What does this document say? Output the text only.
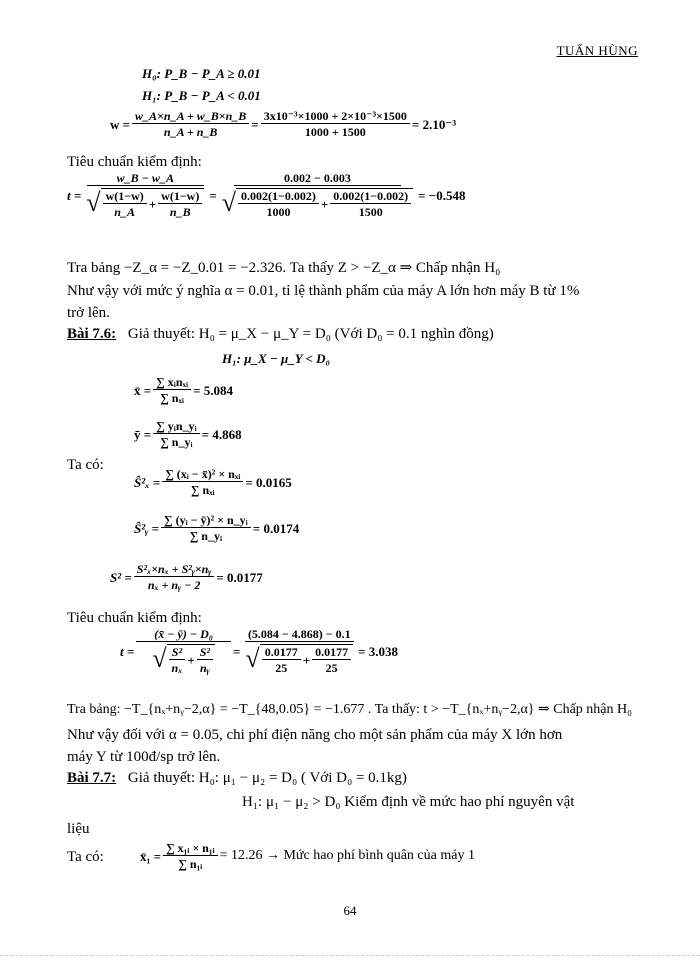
TUẤN HÙNG
H₀: P_B − P_A ≥ 0.01
H₁: P_B − P_A < 0.01
$w = \frac{w\_A\times n\_A + w\_B\times n\_B}{n\_A + n\_B} = \frac{\text{3x10⁻³×1000 + 2×10⁻³×1500}}{1000 + 1500} = 2.10^{-3}$
Tiêu chuẩn kiểm định:
$t = \frac{w\_B - w\_A}{√ \frac{w(1-w)}{n\_A} + \frac{w(1-w)}{n\_B}}$ =
0.002 − 0.003
√ $\frac{0.002(1-0.002)}{1000} + \frac{0.002(1-0.002)}{1500} = -0.548$
Tra bảng −Z_α = −Z_0.01 = −2.326. Ta thấy Z > −Z_α ⇒ Chấp nhận H₀
Như vậy với mức ý nghĩa α = 0.01, tỉ lệ thành phẩm của máy A lớn hơn máy B từ 1%
trở lên.
Bài 7.6: Giả thuyết: H₀ = μ_X − μ_Y = D₀ (Với D₀ = 0.1 nghìn đồng)
H₁: μ_X − μ_Y < D₀
x̄ = $\frac{\text{∑ xᵢnₓᵢ}}{\text{∑ nₓᵢ}} = 5.084$
ȳ = $\frac{\text{∑ yᵢn\_yᵢ}}{\text{∑ n\_yᵢ}} = 4.868$
Ta có:
Ŝ²ₓ = $\frac{\text{∑ (xᵢ − x̄)² × nₓᵢ}}{\text{∑ nₓᵢ}} = 0.0165$
Ŝ²ᵧ = $\frac{\text{∑ (yᵢ − ȳ)² × n\_yᵢ}}{\text{∑ n\_yᵢ}} = 0.0174$
$S^2 = \frac{\text{S²ₓ×nₓ + S²ᵧ×nᵧ}}{\text{nₓ + nᵧ − 2}} = 0.0177$
Tiêu chuẩn kiểm định:
$t = \frac{\text{(x̄ − ȳ) − D₀}}{√ \frac{\text{S²}}{\text{nₓ}} + \frac{\text{S²}}{\text{nᵧ}}} = \frac{(5.084 - 4.868) - 0.1}{√ \frac{0.0177}{25} + \frac{0.0177}{25}} = 3.038$
Tra bảng: −T_{nₓ+nᵧ−2,α} = −T_{48,0.05} = −1.677 . Ta thấy: t > −T_{nₓ+nᵧ−2,α} ⇒ Chấp nhận H₀
Như vậy đối với α = 0.05, chi phí điện năng cho một sản phẩm của máy X lớn hơn
máy Y từ 100đ/sp trở lên.
Bài 7.7: Giả thuyết: H₀: μ₁ − μ₂ = D₀ ( Với D₀ = 0.1kg)
H₁: μ₁ − μ₂ > D₀ Kiểm định về mức hao phí nguyên vật
liệu
Ta có:	x̄₁ = $\frac{\text{∑ x₁ᵢ × n₁ᵢ}}{\text{∑ n₁ᵢ}} = 12.26$ → Mức hao phí bình quân của máy 1
64
